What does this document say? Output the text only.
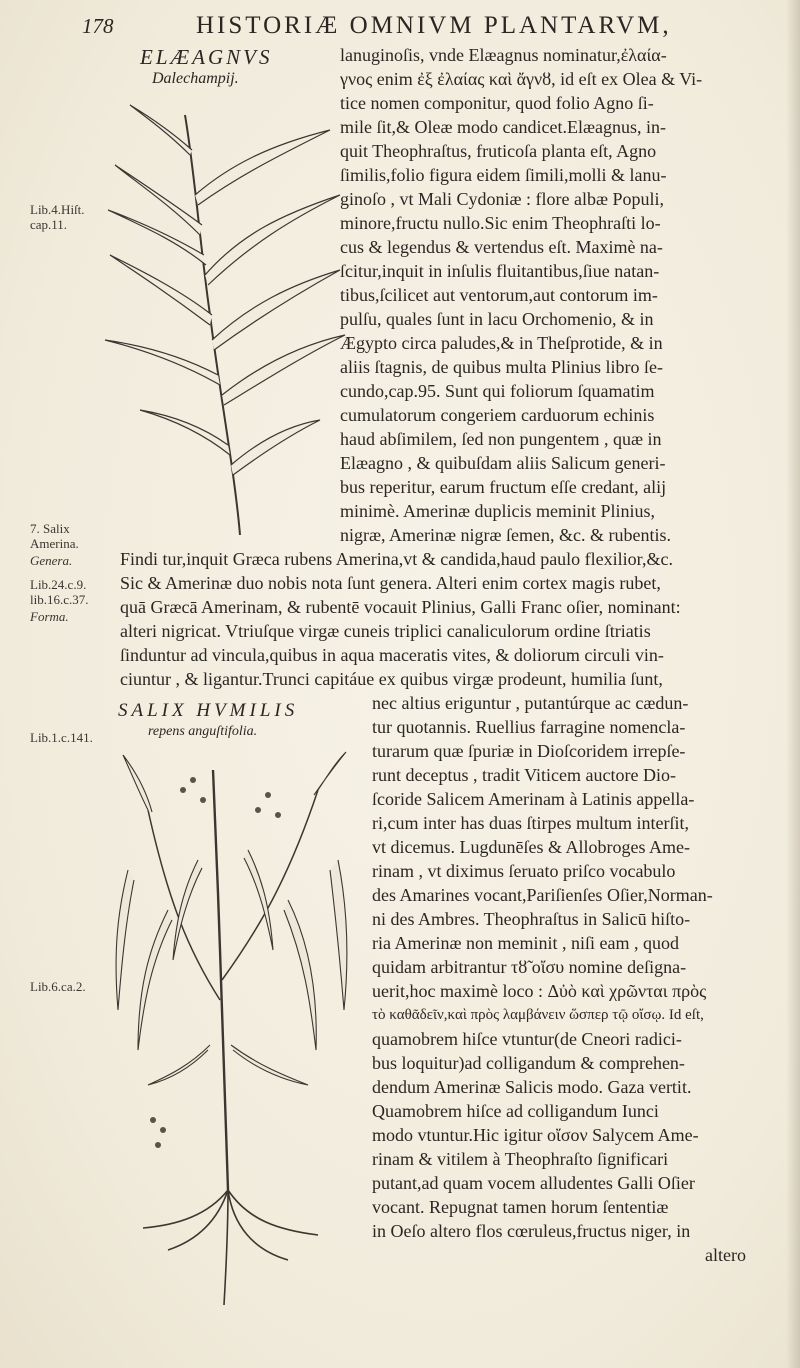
178	HISTORIÆ OMNIVM PLANTARVM,
ELÆAGNVS
Dalechampij.
SALIX HVMILIS
repens anguſtifolia.
Lib.4.Hiſt.
cap.11.
7. Salix
Amerina.
Genera.
Lib.24.c.9.
lib.16.c.37.
Forma.
Lib.1.c.141.
Lib.6.ca.2.
lanuginoſis, vnde Elæagnus nominatur,ἐλαία-
γνος enim ἐξ ἐλαίας καὶ ἄγνȣ, id eſt ex Olea & Vi-
tice nomen componitur, quod folio Agno ſi-
mile ſit,& Oleæ modo candicet.Elæagnus, in-
quit Theophraſtus, fruticoſa planta eſt, Agno
ſimilis,folio figura eidem ſimili,molli & lanu-
ginoſo , vt Mali Cydoniæ : flore albæ Populi,
minore,fructu nullo.Sic enim Theophraſti lo-
cus & legendus & vertendus eſt. Maximè na-
ſcitur,inquit in inſulis fluitantibus,ſiue natan-
tibus,ſcilicet aut ventorum,aut contorum im-
pulſu, quales ſunt in lacu Orchomenio, & in
Ægypto circa paludes,& in Theſprotide, & in
aliis ſtagnis, de quibus multa Plinius libro ſe-
cundo,cap.95. Sunt qui foliorum ſquamatim
cumulatorum congeriem carduorum echinis
haud abſimilem, ſed non pungentem , quæ in
Elæagno , & quibuſdam aliis Salicum generi-
bus reperitur, earum fructum eſſe credant, alij
minimè. Amerinæ duplicis meminit Plinius,
nigræ, Amerinæ nigræ ſemen, &c. & rubentis.
Findi tur,inquit Græca rubens Amerina,vt & candida,haud paulo flexilior,&c.
Sic & Amerinæ duo nobis nota ſunt genera. Alteri enim cortex magis rubet,
quā Græcā Amerinam, & rubentē vocauit Plinius, Galli Franc oſier, nominant:
alteri nigricat. Vtriuſque virgæ cuneis triplici canaliculorum ordine ſtriatis
ſinduntur ad vincula,quibus in aqua maceratis vites, & doliorum circuli vin-
ciuntur , & ligantur.Trunci capitáue ex quibus virgæ prodeunt, humilia ſunt,
nec altius eriguntur , putantúrque ac cædun-
tur quotannis. Ruellius farragine nomencla-
turarum quæ ſpuriæ in Dioſcoridem irrepſe-
runt deceptus , tradit Viticem auctore Dio-
ſcoride Salicem Amerinam à Latinis appella-
ri,cum inter has duas ſtirpes multum interſit,
vt dicemus. Lugdunēſes & Allobroges Ame-
rinam , vt diximus ſeruato priſco vocabulo
des Amarines vocant,Pariſienſes Oſier,Norman-
ni des Ambres. Theophraſtus in Salicū hiſto-
ria Amerinæ non meminit , niſi eam , quod
quidam arbitrantur τȣ̃ οἴσυ nomine deſigna-
uerit,hoc maximè loco : Δὐὸ καὶ χρῶνται πρὸς
τὸ καθᾶδεῖν,καὶ πρὸς λαμβάνειν ὥσπερ τῷ οἴσῳ. Id eſt,
quamobrem hiſce vtuntur(de Cneori radici-
bus loquitur)ad colligandum & comprehen-
dendum Amerinæ Salicis modo. Gaza vertit.
Quamobrem hiſce ad colligandum Iunci
modo vtuntur.Hic igitur οἴσον Salycem Ame-
rinam & vitilem à Theophraſto ſignificari
putant,ad quam vocem alludentes Galli Oſier
vocant. Repugnat tamen horum ſententiæ
in Oeſo altero flos cœruleus,fructus niger, in
altero
